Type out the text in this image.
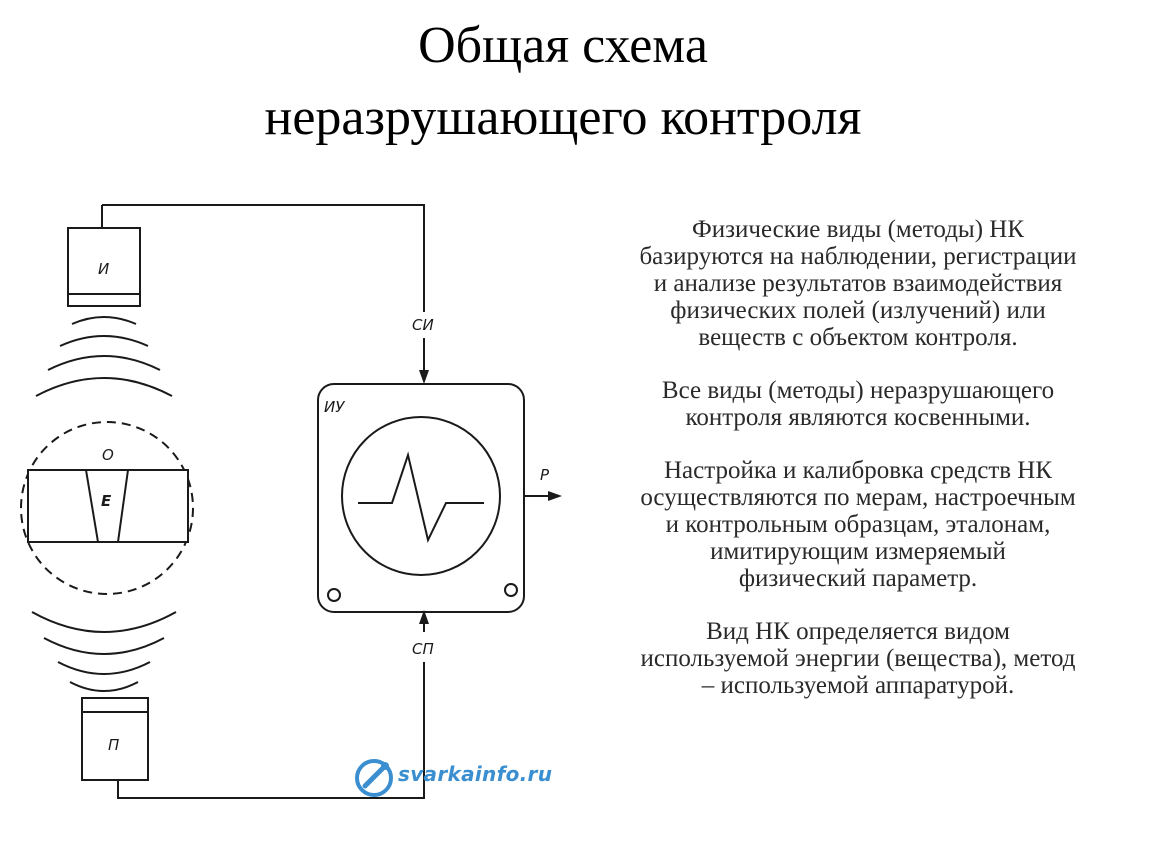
Общая схема
неразрушающего контроля
И
О
Е
П
ИУ
СИ
СП
Р
Физические виды (методы) НК
базируются на наблюдении, регистрации
и анализе результатов взаимодействия
физических полей (излучений) или
веществ с объектом контроля.
Все виды (методы) неразрушающего
контроля являются косвенными.
Настройка и калибровка средств НК
осуществляются по мерам, настроечным
и контрольным образцам, эталонам,
имитирующим измеряемый
физический параметр.
Вид НК определяется видом
используемой энергии (вещества), метод
– используемой аппаратурой.
svarkainfo.ru
